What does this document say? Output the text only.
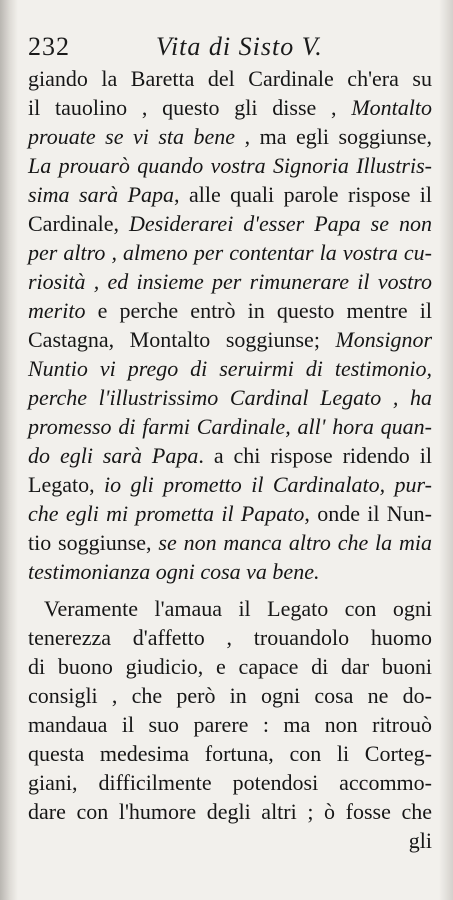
232	Vita di Sisto V.
giando la Baretta del Cardinale ch'era su
il tauolino , questo gli disse , Montalto
prouate se vi sta bene , ma egli soggiunse,
La prouarò quando vostra Signoria Illustris-
sima sarà Papa, alle quali parole rispose il
Cardinale, Desiderarei d'esser Papa se non
per altro , almeno per contentar la vostra cu-
riosità , ed insieme per rimunerare il vostro
merito e perche entrò in questo mentre il
Castagna, Montalto soggiunse; Monsignor
Nuntio vi prego di seruirmi di testimonio,
perche l'illustrissimo Cardinal Legato , ha
promesso di farmi Cardinale, all' hora quan-
do egli sarà Papa. a chi rispose ridendo il
Legato, io gli prometto il Cardinalato, pur-
che egli mi prometta il Papato, onde il Nun-
tio soggiunse, se non manca altro che la mia
testimonianza ogni cosa va bene.
Veramente l'amaua il Legato con ogni
tenerezza d'affetto , trouandolo huomo
di buono giudicio, e capace di dar buoni
consigli , che però in ogni cosa ne do-
mandaua il suo parere : ma non ritrouò
questa medesima fortuna, con li Corteg-
giani, difficilmente potendosi accommo-
dare con l'humore degli altri ; ò fosse che
gli
